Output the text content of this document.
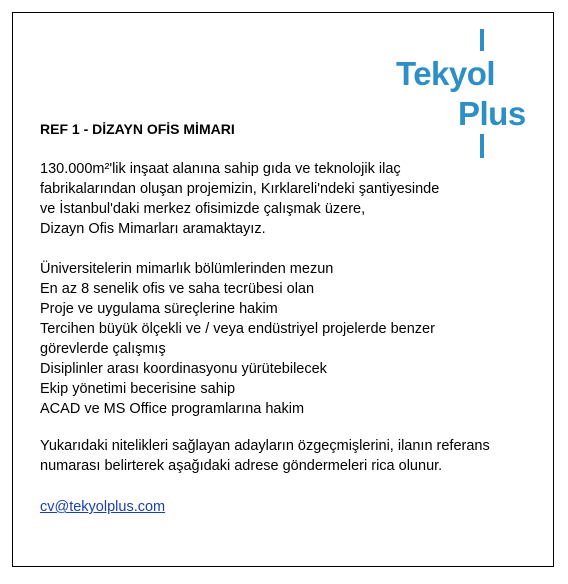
Tekyol
Plus
REF 1 - DİZAYN OFİS MİMARI
130.000m²'lik inşaat alanına sahip gıda ve teknolojik ilaç
fabrikalarından oluşan projemizin, Kırklareli'ndeki şantiyesinde
ve İstanbul'daki merkez ofisimizde çalışmak üzere,
Dizayn Ofis Mimarları aramaktayız.
Üniversitelerin mimarlık bölümlerinden mezun
En az 8 senelik ofis ve saha tecrübesi olan
Proje ve uygulama süreçlerine hakim
Tercihen büyük ölçekli ve / veya endüstriyel projelerde benzer
görevlerde çalışmış
Disiplinler arası koordinasyonu yürütebilecek
Ekip yönetimi becerisine sahip
ACAD ve MS Office programlarına hakim
Yukarıdaki nitelikleri sağlayan adayların özgeçmişlerini, ilanın referans
numarası belirterek aşağıdaki adrese göndermeleri rica olunur.
cv@tekyolplus.com
